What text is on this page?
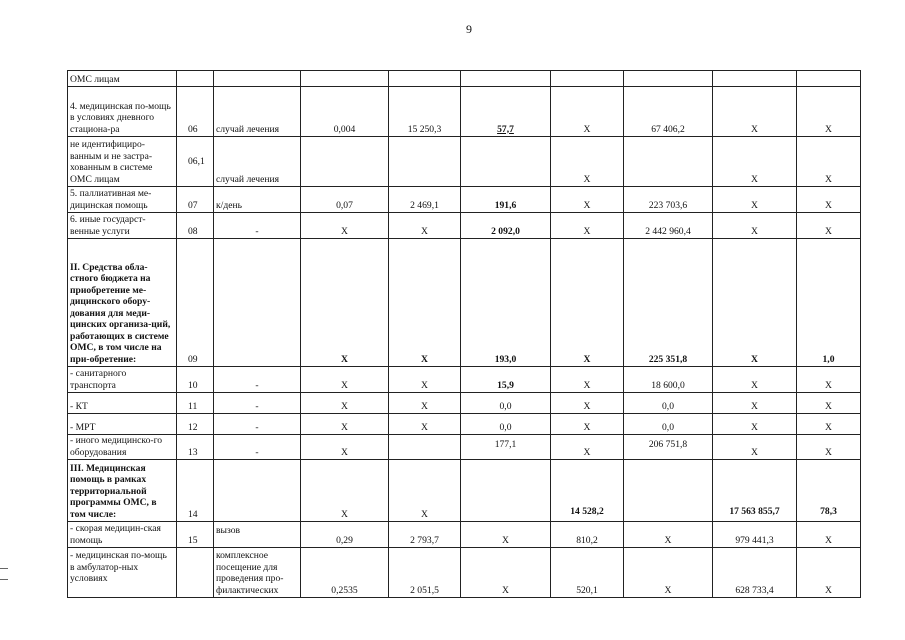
9
ОМС лицам									
4. медицинская по-мощь в условиях дневного стациона-ра	06	случай лечения	0,004	15 250,3	57,7	Х	67 406,2	Х	Х
не идентифициро-ванным и не застра-хованным в системе ОМС лицам	06,1	случай лечения				Х		Х	Х
5. паллиативная ме-дицинская помощь	07	к/день	0,07	2 469,1	191,6	Х	223 703,6	Х	Х
6. иные государст-венные услуги	08	-	Х	Х	2 092,0	Х	2 442 960,4	Х	Х
II. Средства обла-стного бюджета на приобретение ме-дицинского обору-дования для меди-цинских организа-ций, работающих в системе ОМС, в том числе на при-обретение:	09		Х	Х	193,0	Х	225 351,8	Х	1,0
- санитарного транспорта	10	-	Х	Х	15,9	Х	18 600,0	Х	Х
- КТ	11	-	Х	Х	0,0	Х	0,0	Х	Х
- МРТ	12	-	Х	Х	0,0	Х	0,0	Х	Х
- иного медицинско-го оборудования	13	-	Х		177,1	Х	206 751,8	Х	Х
III. Медицинская помощь в рамках территориальной программы ОМС, в том числе:	14		Х	Х		14 528,2		17 563 855,7	78,3
- скорая медицин-ская помощь	15	вызов	0,29	2 793,7	Х	810,2	Х	979 441,3	Х
- медицинская по-мощь в амбулатор-ных условиях		комплексное посещение для проведения про-филактических	0,2535	2 051,5	Х	520,1	Х	628 733,4	Х
